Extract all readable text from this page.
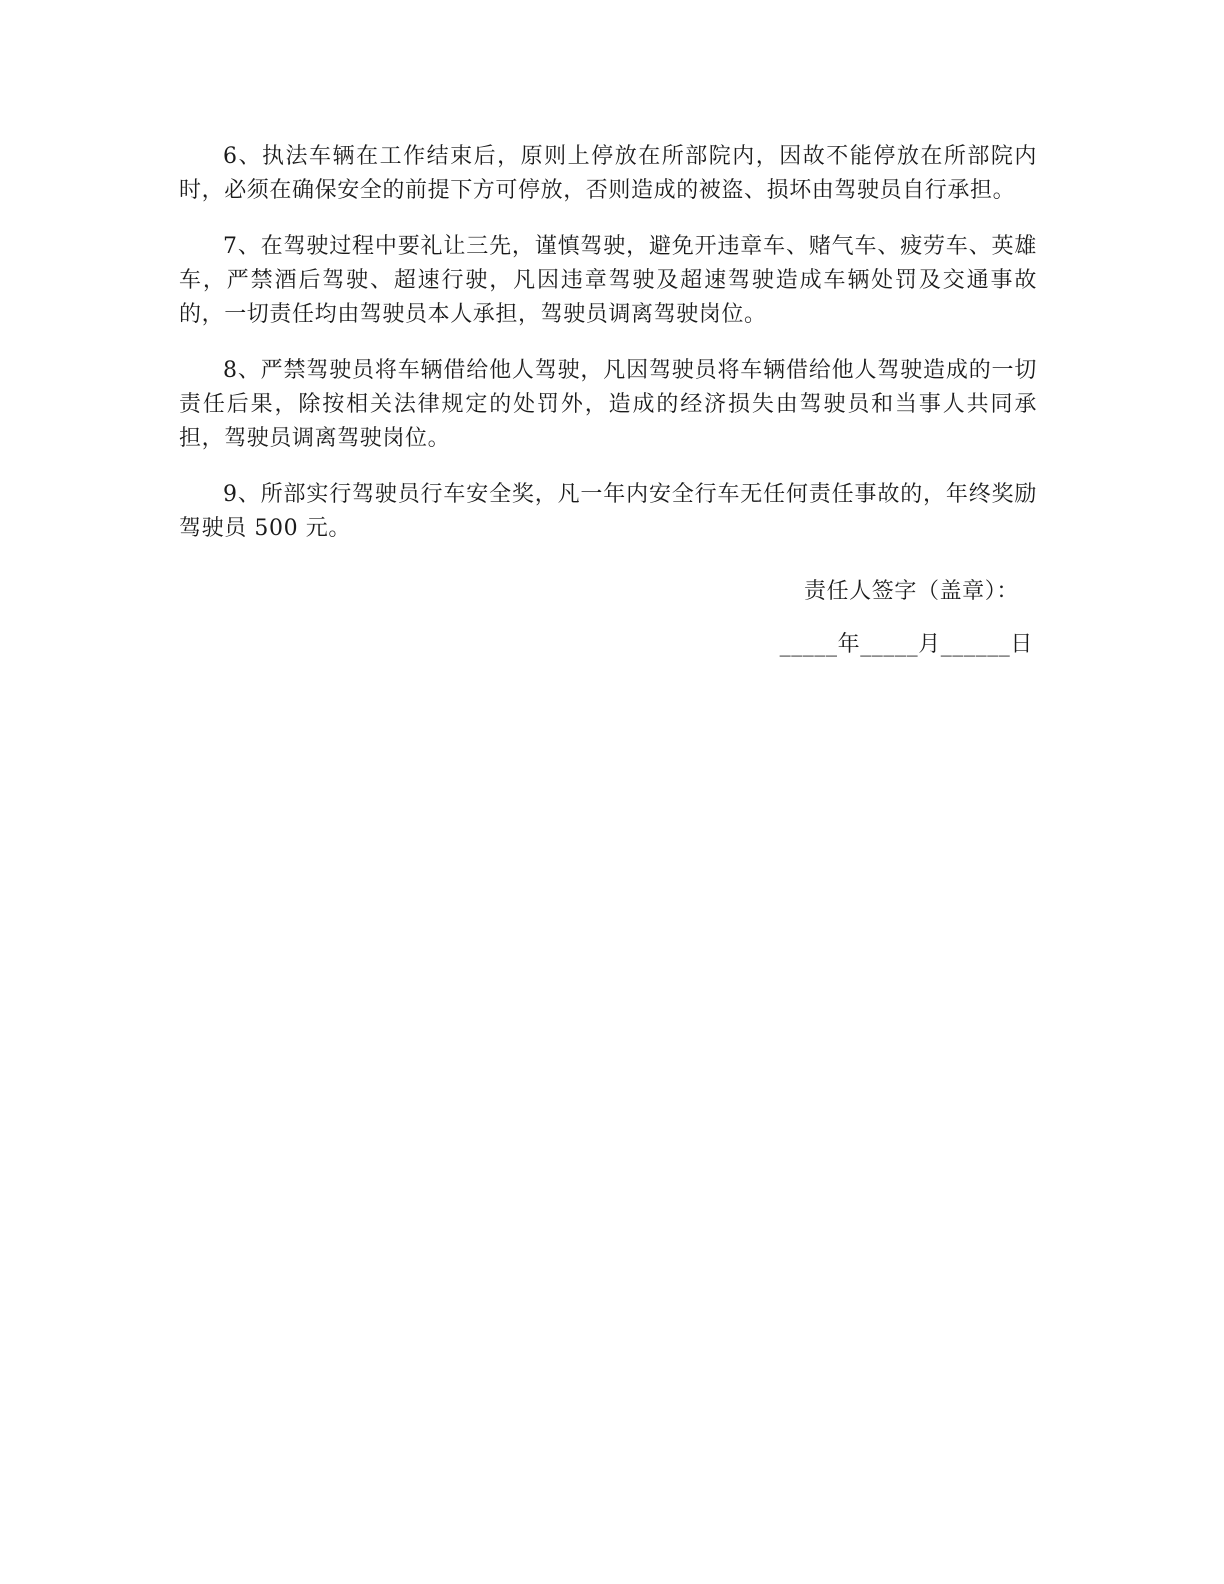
6、执法车辆在工作结束后，原则上停放在所部院内，因故不能停放在所部院内时，必须在确保安全的前提下方可停放，否则造成的被盗、损坏由驾驶员自行承担。

7、在驾驶过程中要礼让三先，谨慎驾驶，避免开违章车、赌气车、疲劳车、英雄车，严禁酒后驾驶、超速行驶，凡因违章驾驶及超速驾驶造成车辆处罚及交通事故的，一切责任均由驾驶员本人承担，驾驶员调离驾驶岗位。

8、严禁驾驶员将车辆借给他人驾驶，凡因驾驶员将车辆借给他人驾驶造成的一切责任后果，除按相关法律规定的处罚外，造成的经济损失由驾驶员和当事人共同承担，驾驶员调离驾驶岗位。

9、所部实行驾驶员行车安全奖，凡一年内安全行车无任何责任事故的，年终奖励驾驶员 500 元。

责任人签字（盖章）：
_____年_____月______日
